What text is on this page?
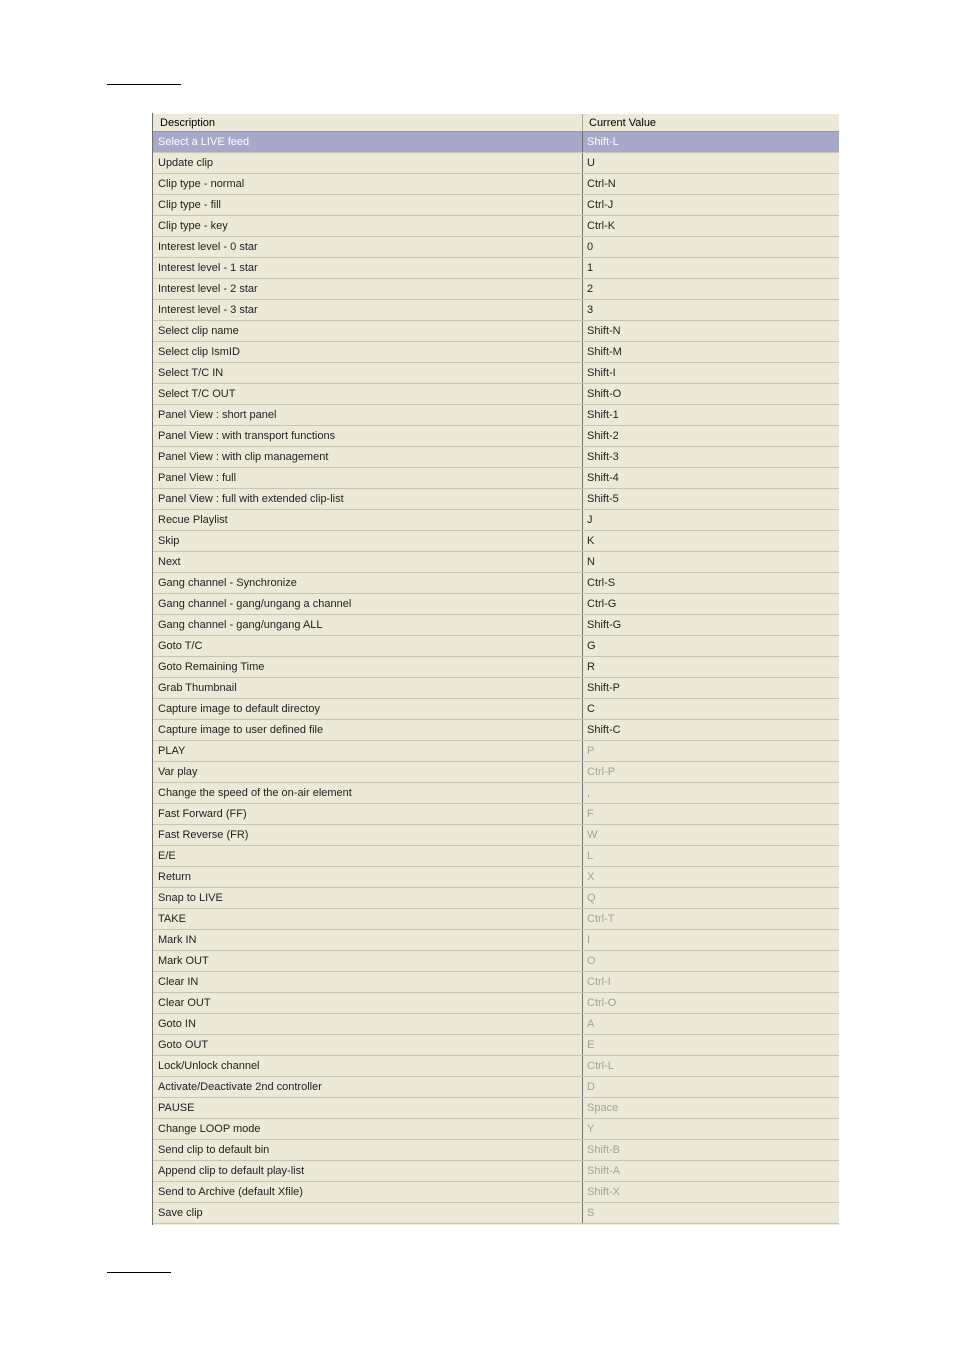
Description	Current Value
Select a LIVE feed	Shift-L
Update clip	U
Clip type - normal	Ctrl-N
Clip type - fill	Ctrl-J
Clip type - key	Ctrl-K
Interest level - 0 star	0
Interest level - 1 star	1
Interest level - 2 star	2
Interest level - 3 star	3
Select clip name	Shift-N
Select clip IsmID	Shift-M
Select T/C IN	Shift-I
Select T/C OUT	Shift-O
Panel View : short panel	Shift-1
Panel View : with transport functions	Shift-2
Panel View : with clip management	Shift-3
Panel View : full	Shift-4
Panel View : full with extended clip-list	Shift-5
Recue Playlist	J
Skip	K
Next	N
Gang channel - Synchronize	Ctrl-S
Gang channel - gang/ungang a channel	Ctrl-G
Gang channel - gang/ungang ALL	Shift-G
Goto T/C	G
Goto Remaining Time	R
Grab Thumbnail	Shift-P
Capture image to default directoy	C
Capture image to user defined file	Shift-C
PLAY	P
Var play	Ctrl-P
Change the speed of the on-air element	,
Fast Forward (FF)	F
Fast Reverse (FR)	W
E/E	L
Return	X
Snap to LIVE	Q
TAKE	Ctrl-T
Mark IN	I
Mark OUT	O
Clear IN	Ctrl-I
Clear OUT	Ctrl-O
Goto IN	A
Goto OUT	E
Lock/Unlock channel	Ctrl-L
Activate/Deactivate 2nd controller	D
PAUSE	Space
Change LOOP mode	Y
Send clip to default bin	Shift-B
Append clip to default play-list	Shift-A
Send to Archive (default Xfile)	Shift-X
Save clip	S
